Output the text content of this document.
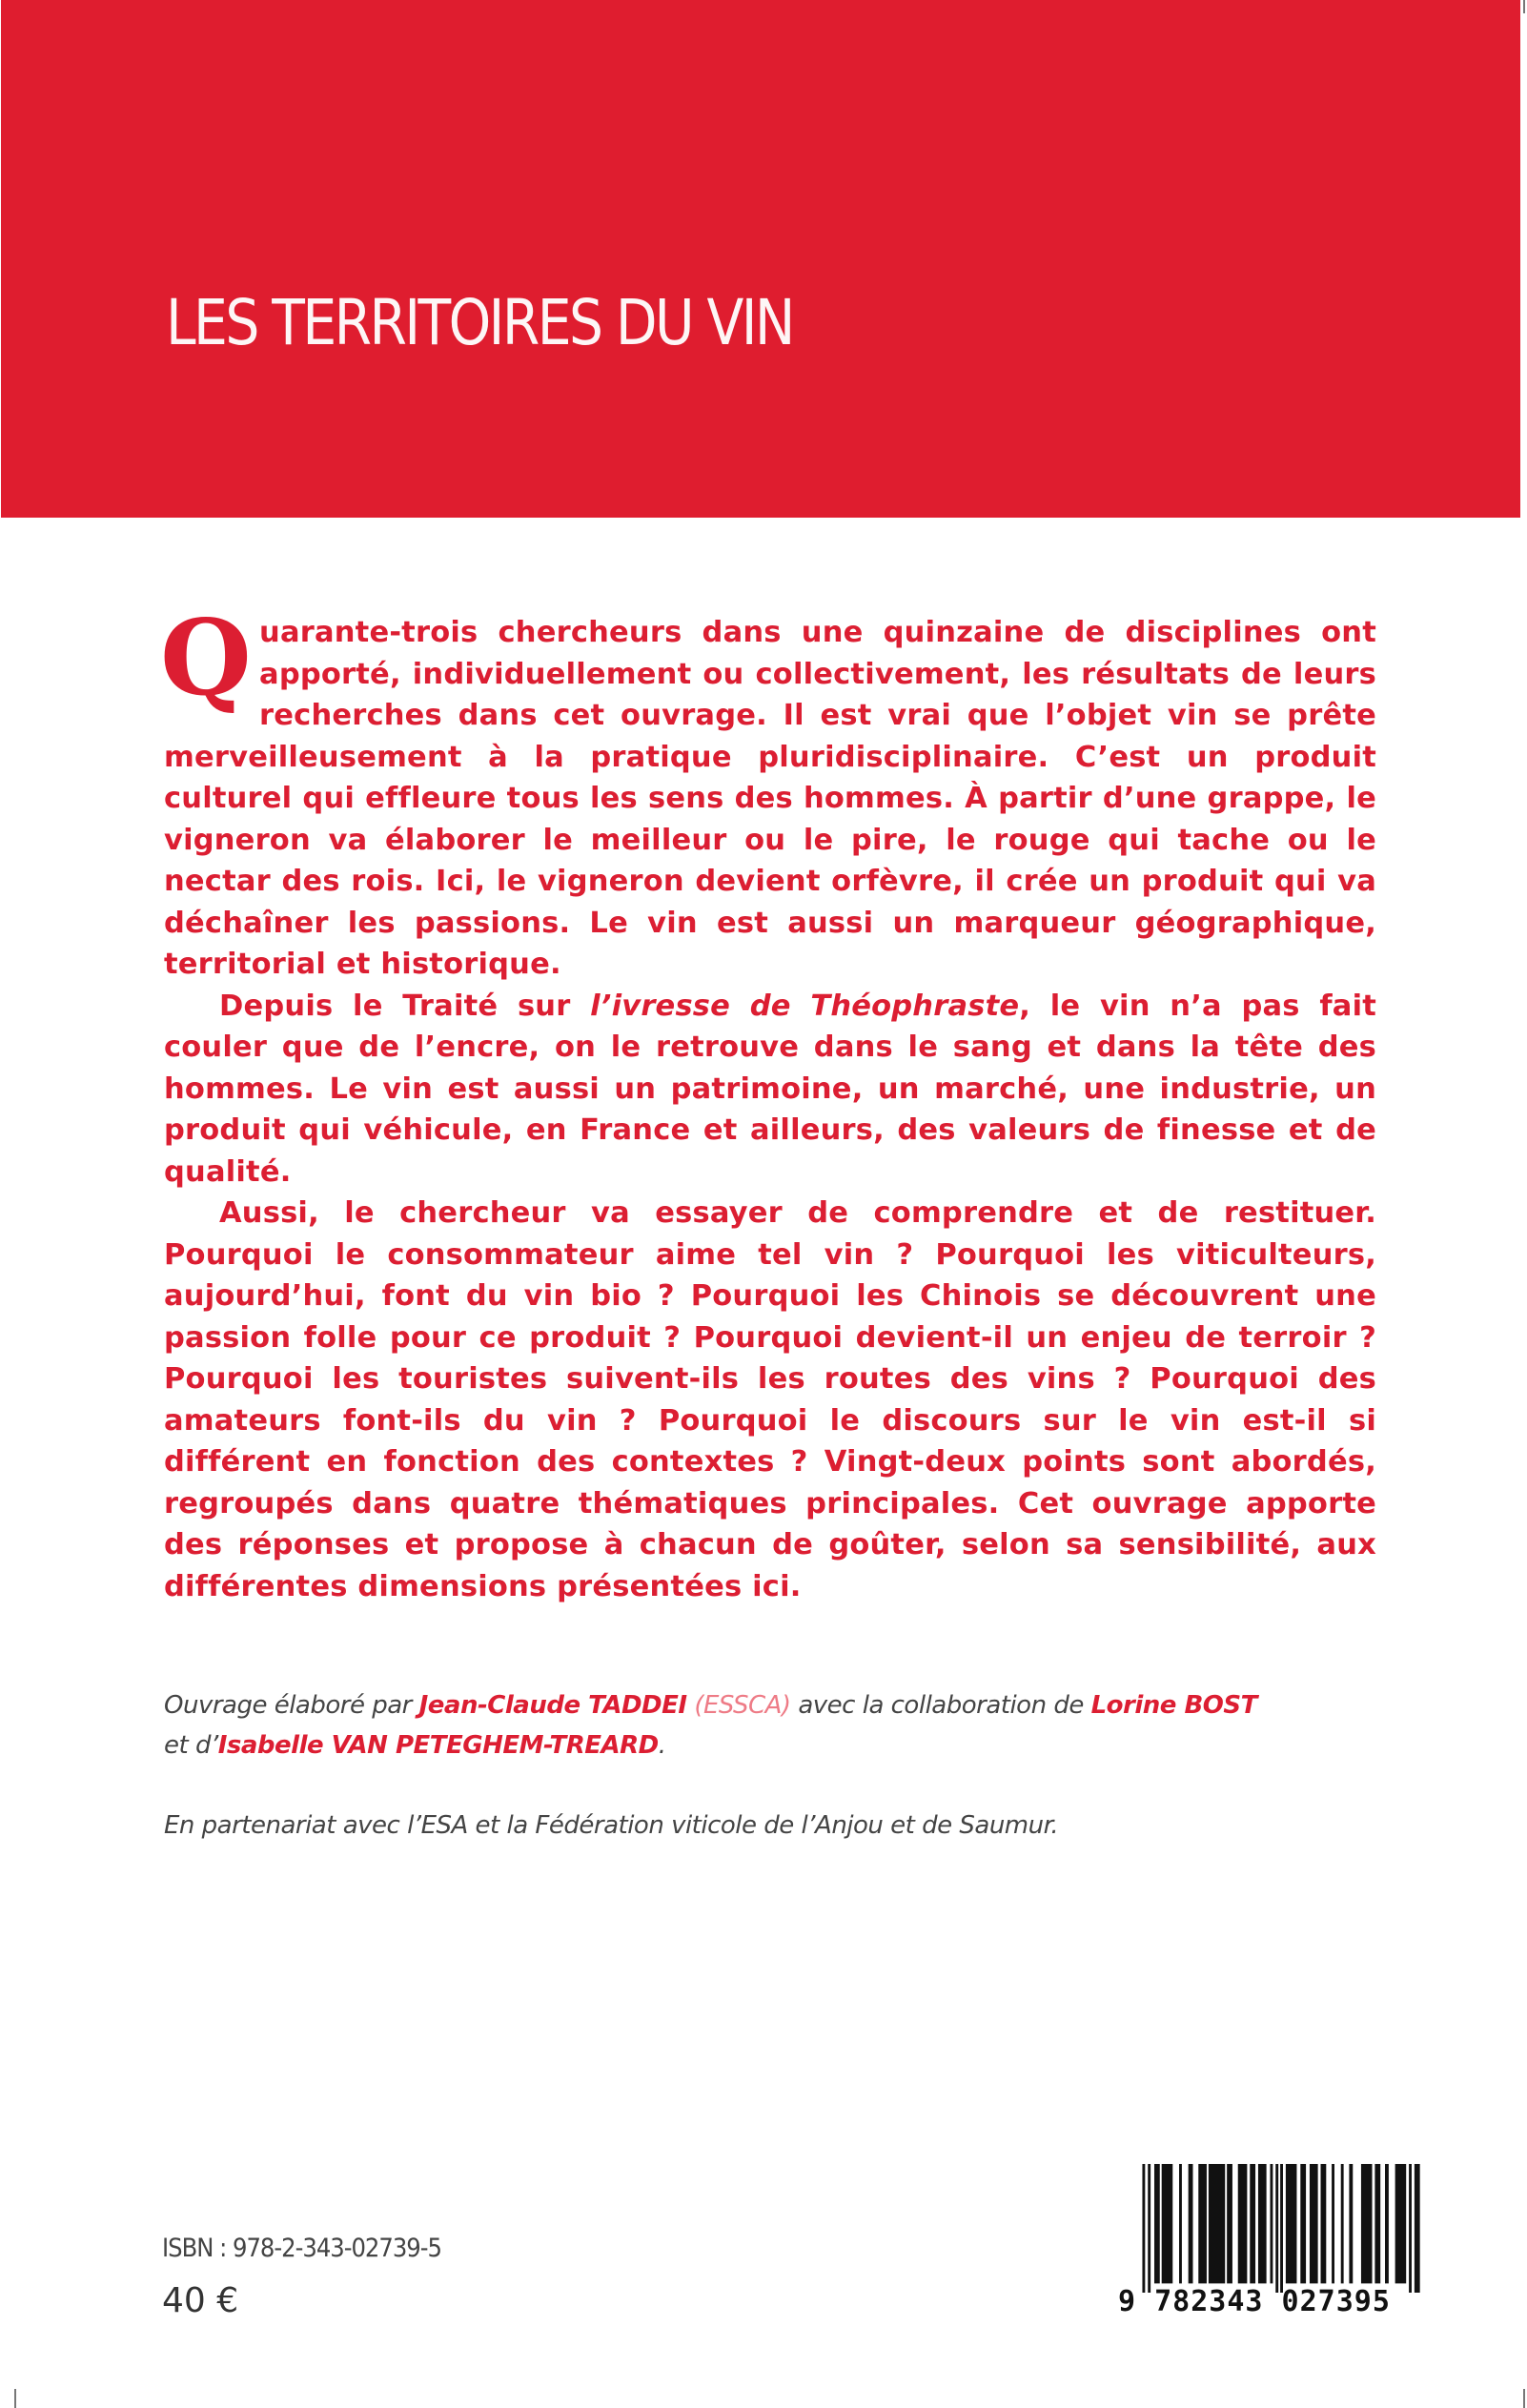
LES TERRITOIRES DU VIN

Quarante-trois chercheurs dans une quinzaine de disciplines ont apporté, individuellement ou collectivement, les résultats de leurs recherches dans cet ouvrage. Il est vrai que l’objet vin se prête merveilleusement à la pratique pluridisciplinaire. C’est un produit culturel qui effleure tous les sens des hommes. À partir d’une grappe, le vigneron va élaborer le meilleur ou le pire, le rouge qui tache ou le nectar des rois. Ici, le vigneron devient orfèvre, il crée un produit qui va déchaîner les passions. Le vin est aussi un marqueur géographique, territorial et historique.

Depuis le Traité sur l’ivresse de Théophraste, le vin n’a pas fait couler que de l’encre, on le retrouve dans le sang et dans la tête des hommes. Le vin est aussi un patrimoine, un marché, une industrie, un produit qui véhicule, en France et ailleurs, des valeurs de finesse et de qualité.

Aussi, le chercheur va essayer de comprendre et de restituer. Pourquoi le consommateur aime tel vin ? Pourquoi les viticulteurs, aujourd’hui, font du vin bio ? Pourquoi les Chinois se découvrent une passion folle pour ce produit ? Pourquoi devient-il un enjeu de terroir ? Pourquoi les touristes suivent-ils les routes des vins ? Pourquoi des amateurs font-ils du vin ? Pourquoi le discours sur le vin est-il si différent en fonction des contextes ? Vingt-deux points sont abordés, regroupés dans quatre thématiques principales. Cet ouvrage apporte des réponses et propose à chacun de goûter, selon sa sensibilité, aux différentes dimensions présentées ici.

Ouvrage élaboré par Jean-Claude TADDEI (ESSCA) avec la collaboration de Lorine BOST
et d’Isabelle VAN PETEGHEM-TREARD.

En partenariat avec l’ESA et la Fédération viticole de l’Anjou et de Saumur.
ISBN : 978-2-343-02739-5
40 €	9 782343 027395
